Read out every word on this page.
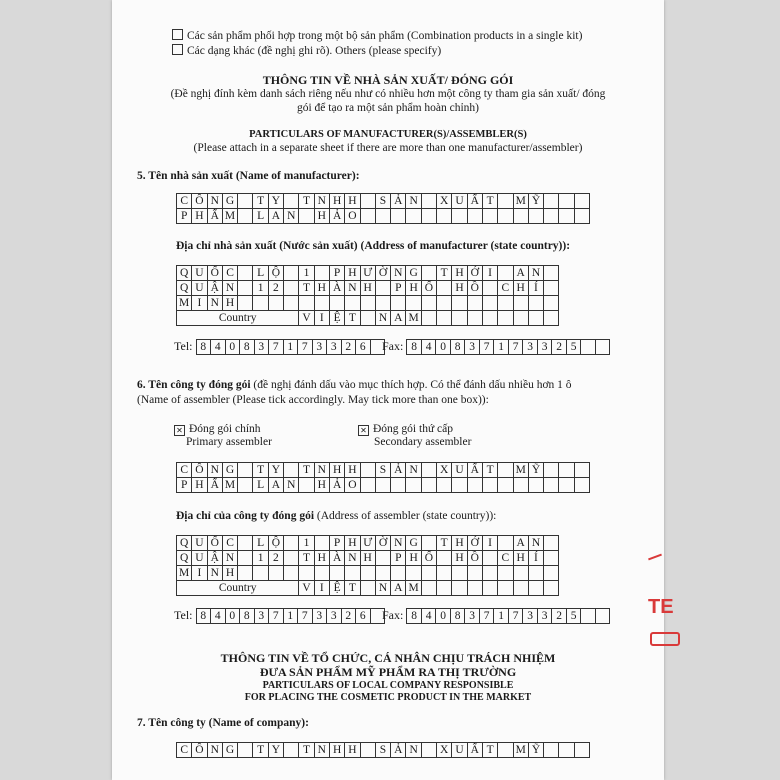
Các sản phẩm phối hợp trong một bộ sản phẩm (Combination products in a single kit)
Các dạng khác (đề nghị ghi rõ). Others (please specify)
THÔNG TIN VỀ NHÀ SẢN XUẤT/ ĐÓNG GÓI
(Đề nghị đính kèm danh sách riêng nếu như có nhiều hơn một công ty tham gia sản xuất/ đóng
gói để tạo ra một sản phẩm hoàn chỉnh)
PARTICULARS OF MANUFACTURER(S)/ASSEMBLER(S)
(Please attach in a separate sheet if there are more than one manufacturer/assembler)
5. Tên nhà sản xuất (Name of manufacturer):
C	Ô	N	G		T	Y		T	N	H	H		S	Ả	N		X	U	Ấ	T		M	Ỹ			
P	H	Ẩ	M		L	A	N		H	Ả	O															
Địa chỉ nhà sản xuất (Nước sản xuất) (Address of manufacturer (state country)):
Q	U	Ố	C		L	Ộ		1		P	H	Ư	Ờ	N	G		T	H	Ớ	I		A	N	
Q	U	Ậ	N		1	2		T	H	À	N	H		P	H	Ố		H	Ồ		C	H	Í	
M	I	N	H																					
Country								V	I	Ệ	T		N	A	M									
Tel: 8	4	0	8	3	7	1	7	3	3	2	6	Fax: 8	4	0	8	3	7	1	7	3	3	2	5		
6. Tên công ty đóng gói (đề nghị đánh dấu vào mục thích hợp. Có thể đánh dấu nhiều hơn 1 ô
(Name of assembler (Please tick accordingly. May tick more than one box)):
✕Đóng gói chính
Primary assembler
✕Đóng gói thứ cấp
Secondary assembler
C	Ô	N	G		T	Y		T	N	H	H		S	Ả	N		X	U	Ấ	T		M	Ỹ			
P	H	Ẩ	M		L	A	N		H	Ả	O															
Địa chỉ của công ty đóng gói (Address of assembler (state country)):
Q	U	Ố	C		L	Ộ		1		P	H	Ư	Ờ	N	G		T	H	Ớ	I		A	N	
Q	U	Ậ	N		1	2		T	H	À	N	H		P	H	Ố		H	Ồ		C	H	Í	
M	I	N	H																					
Country								V	I	Ệ	T		N	A	M									
Tel: 8	4	0	8	3	7	1	7	3	3	2	6	Fax: 8	4	0	8	3	7	1	7	3	3	2	5		
THÔNG TIN VỀ TỔ CHỨC, CÁ NHÂN CHỊU TRÁCH NHIỆM
ĐƯA SẢN PHẨM MỸ PHẨM RA THỊ TRƯỜNG
PARTICULARS OF LOCAL COMPANY RESPONSIBLE
FOR PLACING THE COSMETIC PRODUCT IN THE MARKET
7. Tên công ty (Name of company):
C	Ô	N	G		T	Y		T	N	H	H		S	Ả	N		X	U	Ấ	T		M	Ỹ			
TE
